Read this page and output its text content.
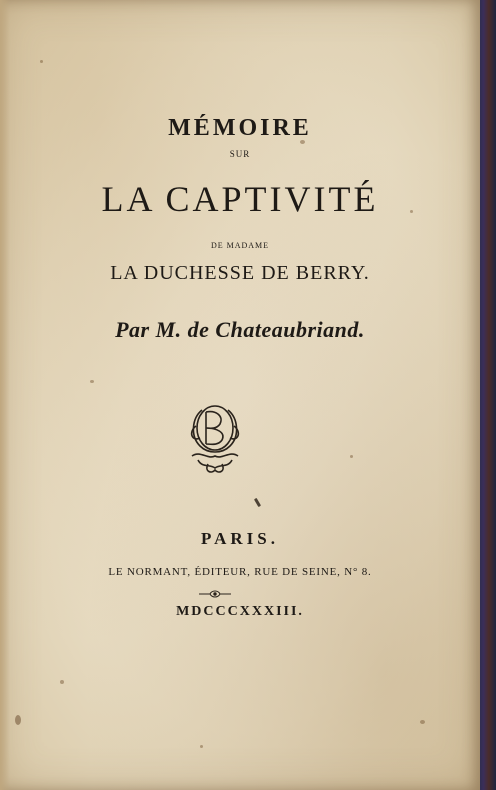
MÉMOIRE
SUR
LA CAPTIVITÉ
DE MADAME
LA DUCHESSE DE BERRY.
Par M. de Chateaubriand.
PARIS.
LE NORMANT, ÉDITEUR, RUE DE SEINE, N° 8.
MDCCCXXXIII.
